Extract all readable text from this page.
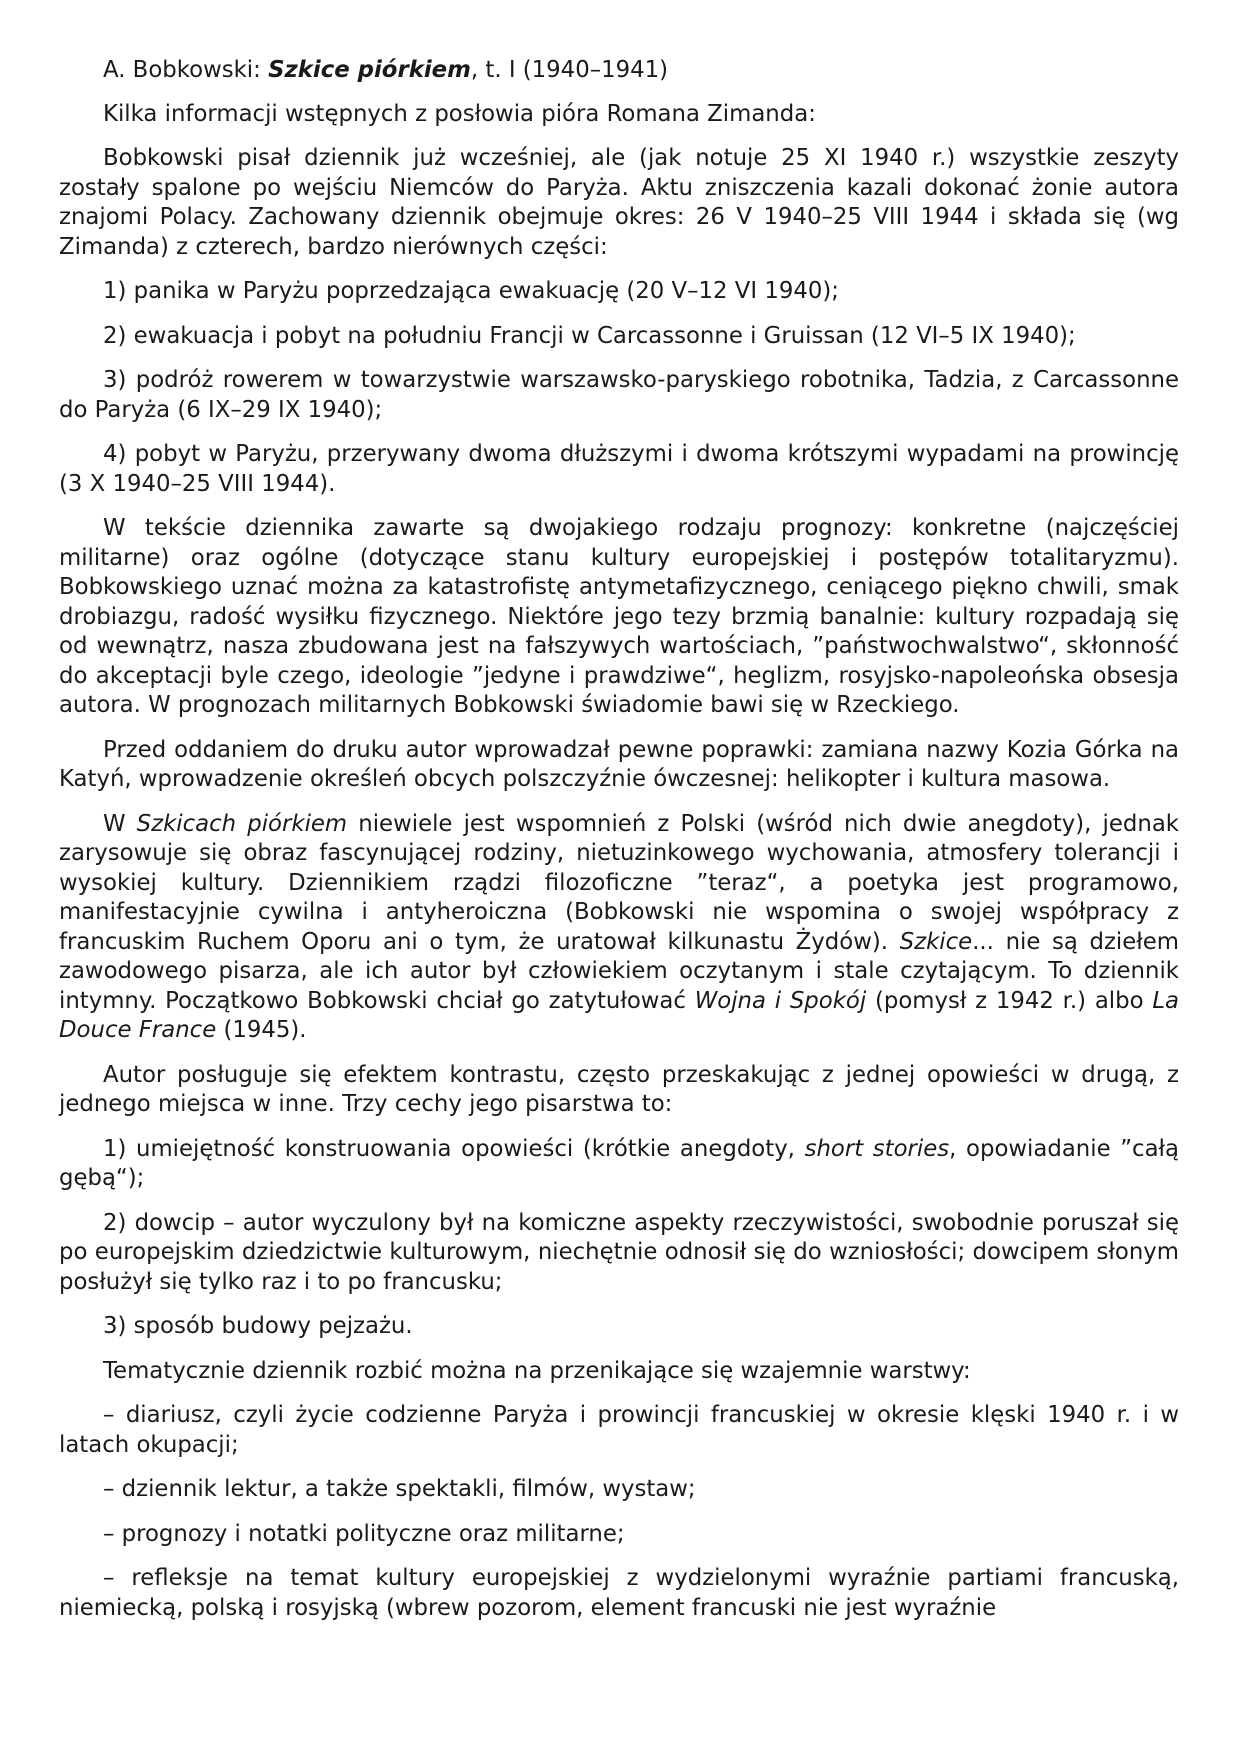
A. Bobkowski: Szkice piórkiem, t. I (1940–1941)

Kilka informacji wstępnych z posłowia pióra Romana Zimanda:

Bobkowski pisał dziennik już wcześniej, ale (jak notuje 25 XI 1940 r.) wszystkie zeszyty zostały spalone po wejściu Niemców do Paryża. Aktu zniszczenia kazali dokonać żonie autora znajomi Polacy. Zachowany dziennik obejmuje okres: 26 V 1940–25 VIII 1944 i składa się (wg Zimanda) z czterech, bardzo nierównych części:

1) panika w Paryżu poprzedzająca ewakuację (20 V–12 VI 1940);

2) ewakuacja i pobyt na południu Francji w Carcassonne i Gruissan (12 VI–5 IX 1940);

3) podróż rowerem w towarzystwie warszawsko-paryskiego robotnika, Tadzia, z Carcassonne do Paryża (6 IX–29 IX 1940);

4) pobyt w Paryżu, przerywany dwoma dłuższymi i dwoma krótszymi wypadami na prowincję (3 X 1940–25 VIII 1944).

W tekście dziennika zawarte są dwojakiego rodzaju prognozy: konkretne (najczęściej militarne) oraz ogólne (dotyczące stanu kultury europejskiej i postępów totalitaryzmu). Bobkowskiego uznać można za katastrofistę antymetafizycznego, ceniącego piękno chwili, smak drobiazgu, radość wysiłku fizycznego. Niektóre jego tezy brzmią banalnie: kultury rozpadają się od wewnątrz, nasza zbudowana jest na fałszywych wartościach, ”państwochwalstwo“, skłonność do akceptacji byle czego, ideologie ”jedyne i prawdziwe“, heglizm, rosyjsko-napoleońska obsesja autora. W prognozach militarnych Bobkowski świadomie bawi się w Rzeckiego.

Przed oddaniem do druku autor wprowadzał pewne poprawki: zamiana nazwy Kozia Górka na Katyń, wprowadzenie określeń obcych polszczyźnie ówczesnej: helikopter i kultura masowa.

W Szkicach piórkiem niewiele jest wspomnień z Polski (wśród nich dwie anegdoty), jednak zarysowuje się obraz fascynującej rodziny, nietuzinkowego wychowania, atmosfery tolerancji i wysokiej kultury. Dziennikiem rządzi filozoficzne ”teraz“, a poetyka jest programowo, manifestacyjnie cywilna i antyheroiczna (Bobkowski nie wspomina o swojej współpracy z francuskim Ruchem Oporu ani o tym, że uratował kilkunastu Żydów). Szkice... nie są dziełem zawodowego pisarza, ale ich autor był człowiekiem oczytanym i stale czytającym. To dziennik intymny. Początkowo Bobkowski chciał go zatytułować Wojna i Spokój (pomysł z 1942 r.) albo La Douce France (1945).

Autor posługuje się efektem kontrastu, często przeskakując z jednej opowieści w drugą, z jednego miejsca w inne. Trzy cechy jego pisarstwa to:

1) umiejętność konstruowania opowieści (krótkie anegdoty, short stories, opowiadanie ”całą gębą“);

2) dowcip – autor wyczulony był na komiczne aspekty rzeczywistości, swobodnie poruszał się po europejskim dziedzictwie kulturowym, niechętnie odnosił się do wzniosłości; dowcipem słonym posłużył się tylko raz i to po francusku;

3) sposób budowy pejzażu.

Tematycznie dziennik rozbić można na przenikające się wzajemnie warstwy:

– diariusz, czyli życie codzienne Paryża i prowincji francuskiej w okresie klęski 1940 r. i w latach okupacji;

– dziennik lektur, a także spektakli, filmów, wystaw;

– prognozy i notatki polityczne oraz militarne;

– refleksje na temat kultury europejskiej z wydzielonymi wyraźnie partiami francuską, niemiecką, polską i rosyjską (wbrew pozorom, element francuski nie jest wyraźnie
